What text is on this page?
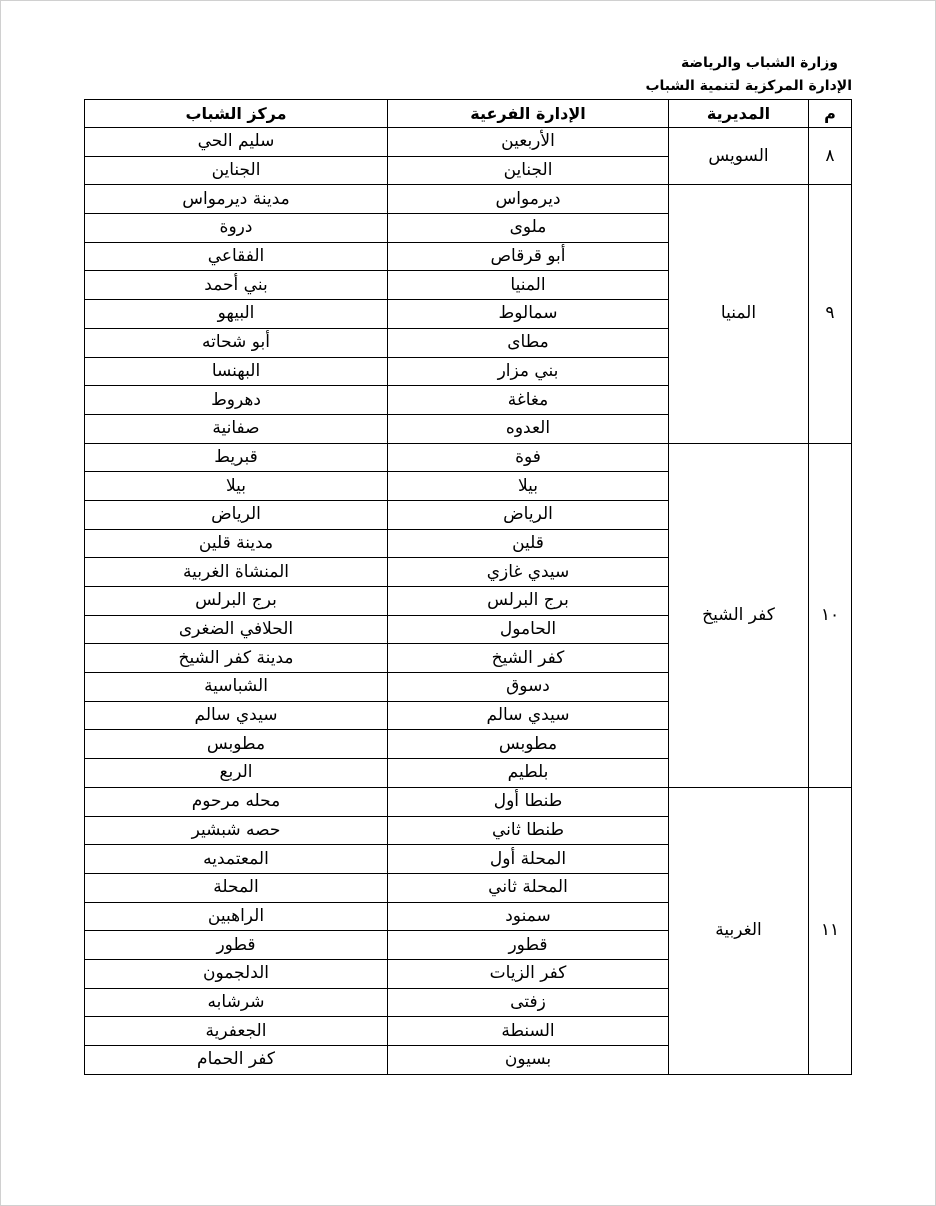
وزارة الشباب والرياضة
الإدارة المركزية لتنمية الشباب
م	المديرية	الإدارة الفرعية	مركز الشباب
٨	السويس	الأربعين	سليم الحي
		الجناين	الجناين
٩	المنيا	ديرمواس	مدينة ديرمواس
		ملوى	دروة
		أبو قرقاص	الفقاعي
		المنيا	بني أحمد
		سمالوط	البيهو
		مطاى	أبو شحاته
		بني مزار	البهنسا
		مغاغة	دهروط
		العدوه	صفانية
١٠	كفر الشيخ	فوة	قبريط
		بيلا	بيلا
		الرياض	الرياض
		قلين	مدينة قلين
		سيدي غازي	المنشاة الغربية
		برج البرلس	برج البرلس
		الحامول	الحلافي الضغرى
		كفر الشيخ	مدينة كفر الشيخ
		دسوق	الشباسية
		سيدي سالم	سيدي سالم
		مطوبس	مطوبس
		بلطيم	الربع
١١	الغربية	طنطا أول	محله مرحوم
		طنطا ثاني	حصه شبشير
		المحلة أول	المعتمديه
		المحلة ثاني	المحلة
		سمنود	الراهبين
		قطور	قطور
		كفر الزيات	الدلجمون
		زفتى	شرشابه
		السنطة	الجعفرية
		بسيون	كفر الحمام
